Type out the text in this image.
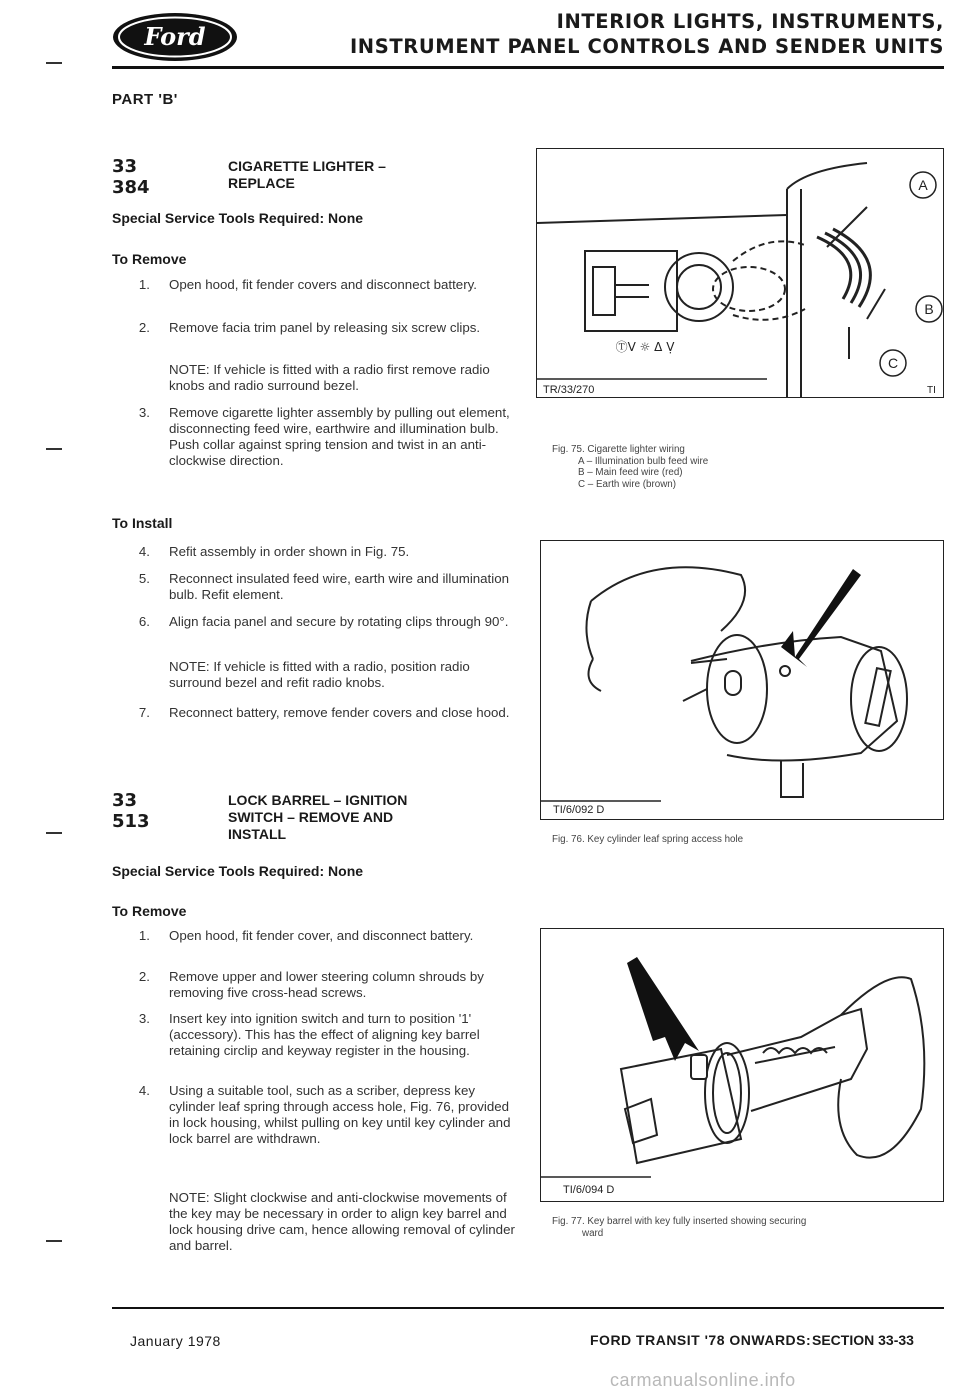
Ford
INTERIOR LIGHTS, INSTRUMENTS,
INSTRUMENT PANEL CONTROLS AND SENDER UNITS
PART 'B'
33 384
CIGARETTE LIGHTER –
REPLACE
Special Service Tools Required: None
To Remove
1. Open hood, fit fender covers and disconnect battery.
2. Remove facia trim panel by releasing six screw clips.
NOTE: If vehicle is fitted with a radio first remove radio knobs and radio surround bezel.
3. Remove cigarette lighter assembly by pulling out element, disconnecting feed wire, earthwire and illumination bulb. Push collar against spring tension and twist in an anti-clockwise direction.
To Install
4. Refit assembly in order shown in Fig. 75.
5. Reconnect insulated feed wire, earth wire and illumination bulb. Refit element.
6. Align facia panel and secure by rotating clips through 90°.
NOTE: If vehicle is fitted with a radio, position radio surround bezel and refit radio knobs.
7. Reconnect battery, remove fender covers and close hood.
33 513
LOCK BARREL – IGNITION
SWITCH – REMOVE AND
INSTALL
Special Service Tools Required: None
To Remove
1. Open hood, fit fender cover, and disconnect battery.
2. Remove upper and lower steering column shrouds by removing five cross-head screws.
3. Insert key into ignition switch and turn to position '1' (accessory). This has the effect of aligning key barrel retaining circlip and keyway register in the housing.
4. Using a suitable tool, such as a scriber, depress key cylinder leaf spring through access hole, Fig. 76, provided in lock housing, whilst pulling on key until key cylinder and lock barrel are withdrawn.
NOTE: Slight clockwise and anti-clockwise movements of the key may be necessary in order to align key barrel and lock housing drive cam, hence allowing removal of cylinder and barrel.
ⓉV ☼ Δ Ṿ
A
B
C
TR/33/270	TI
Fig. 75. Cigarette lighter wiring
A – Illumination bulb feed wire
B – Main feed wire (red)
C – Earth wire (brown)
TI/6/092 D
Fig. 76. Key cylinder leaf spring access hole
TI/6/094 D
Fig. 77. Key barrel with key fully inserted showing securing
ward
January 1978	FORD TRANSIT '78 ONWARDS: SECTION 33-33
carmanualsonline.info
